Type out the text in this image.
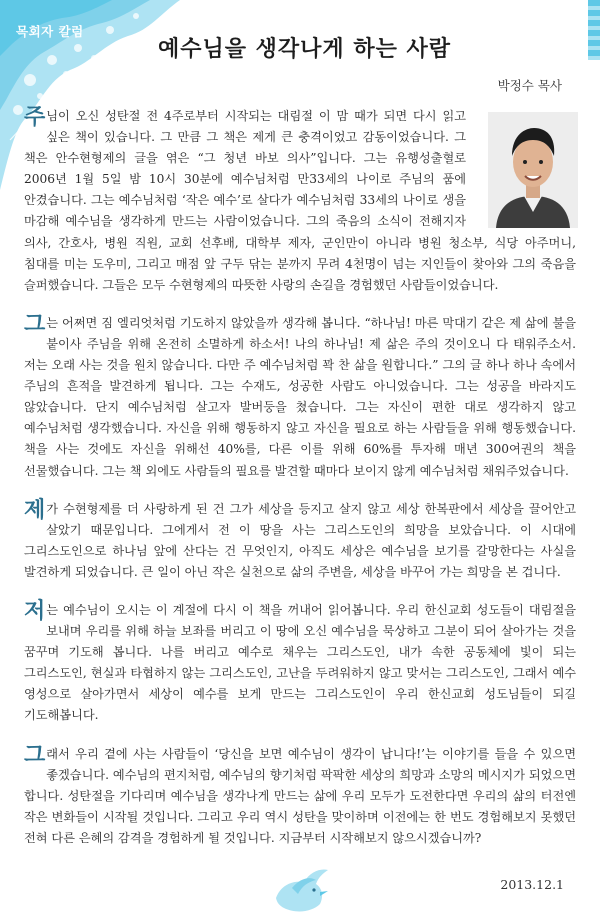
목회자 칼럼
예수님을 생각나게 하는 사람
박정수 목사

주님이 오신 성탄절 전 4주로부터 시작되는 대림절 이 맘 때가 되면 다시 읽고 싶은 책이 있습니다. 그 만큼 그 책은 제게 큰 충격이었고 감동이었습니다. 그 책은 안수현형제의 글을 엮은 “그 청년 바보 의사”입니다. 그는 유행성출혈로 2006년 1월 5일 밤 10시 30분에 예수님처럼 만33세의 나이로 주님의 품에 안겼습니다. 그는 예수님처럼 ‘작은 예수’로 살다가 예수님처럼 33세의 나이로 생을 마감해 예수님을 생각하게 만드는 사람이었습니다. 그의 죽음의 소식이 전해지자 의사, 간호사, 병원 직원, 교회 선후배, 대학부 제자, 군인만이 아니라 병원 청소부, 식당 아주머니, 침대를 미는 도우미, 그리고 매점 앞 구두 닦는 분까지 무려 4천명이 넘는 지인들이 찾아와 그의 죽음을 슬퍼했습니다. 그들은 모두 수현형제의 따뜻한 사랑의 손길을 경험했던 사람들이었습니다.

그는 어쩌면 짐 엘리엇처럼 기도하지 않았을까 생각해 봅니다. “하나님! 마른 막대기 같은 제 삶에 불을 붙이사 주님을 위해 온전히 소멸하게 하소서! 나의 하나님! 제 삶은 주의 것이오니 다 태워주소서. 저는 오래 사는 것을 원치 않습니다. 다만 주 예수님처럼 꽉 찬 삶을 원합니다.” 그의 글 하나 하나 속에서 주님의 흔적을 발견하게 됩니다. 그는 수재도, 성공한 사람도 아니었습니다. 그는 성공을 바라지도 않았습니다. 단지 예수님처럼 살고자 발버둥을 쳤습니다. 그는 자신이 편한 대로 생각하지 않고 예수님처럼 생각했습니다. 자신을 위해 행동하지 않고 자신을 필요로 하는 사람들을 위해 행동했습니다. 책을 사는 것에도 자신을 위해선 40%를, 다른 이를 위해 60%를 투자해 매년 300여권의 책을 선물했습니다. 그는 책 외에도 사람들의 필요를 발견할 때마다 보이지 않게 예수님처럼 채워주었습니다.

제가 수현형제를 더 사랑하게 된 건 그가 세상을 등지고 살지 않고 세상 한복판에서 세상을 끌어안고 살았기 때문입니다. 그에게서 전 이 땅을 사는 그리스도인의 희망을 보았습니다. 이 시대에 그리스도인으로 하나님 앞에 산다는 건 무엇인지, 아직도 세상은 예수님을 보기를 갈망한다는 사실을 발견하게 되었습니다. 큰 일이 아닌 작은 실천으로 삶의 주변을, 세상을 바꾸어 가는 희망을 본 겁니다.

저는 예수님이 오시는 이 계절에 다시 이 책을 꺼내어 읽어봅니다. 우리 한신교회 성도들이 대림절을 보내며 우리를 위해 하늘 보좌를 버리고 이 땅에 오신 예수님을 묵상하고 그분이 되어 살아가는 것을 꿈꾸며 기도해 봅니다. 나를 버리고 예수로 채우는 그리스도인, 내가 속한 공동체에 빛이 되는 그리스도인, 현실과 타협하지 않는 그리스도인, 고난을 두려워하지 않고 맞서는 그리스도인, 그래서 예수 영성으로 살아가면서 세상이 예수를 보게 만드는 그리스도인이 우리 한신교회 성도님들이 되길 기도해봅니다.

그래서 우리 곁에 사는 사람들이 ‘당신을 보면 예수님이 생각이 납니다!’는 이야기를 들을 수 있으면 좋겠습니다. 예수님의 편지처럼, 예수님의 향기처럼 팍팍한 세상의 희망과 소망의 메시지가 되었으면 합니다. 성탄절을 기다리며 예수님을 생각나게 만드는 삶에 우리 모두가 도전한다면 우리의 삶의 터전엔 작은 변화들이 시작될 것입니다. 그리고 우리 역시 성탄을 맞이하며 이전에는 한 번도 경험해보지 못했던 전혀 다른 은혜의 감격을 경험하게 될 것입니다. 지금부터 시작해보지 않으시겠습니까?

2013.12.1
